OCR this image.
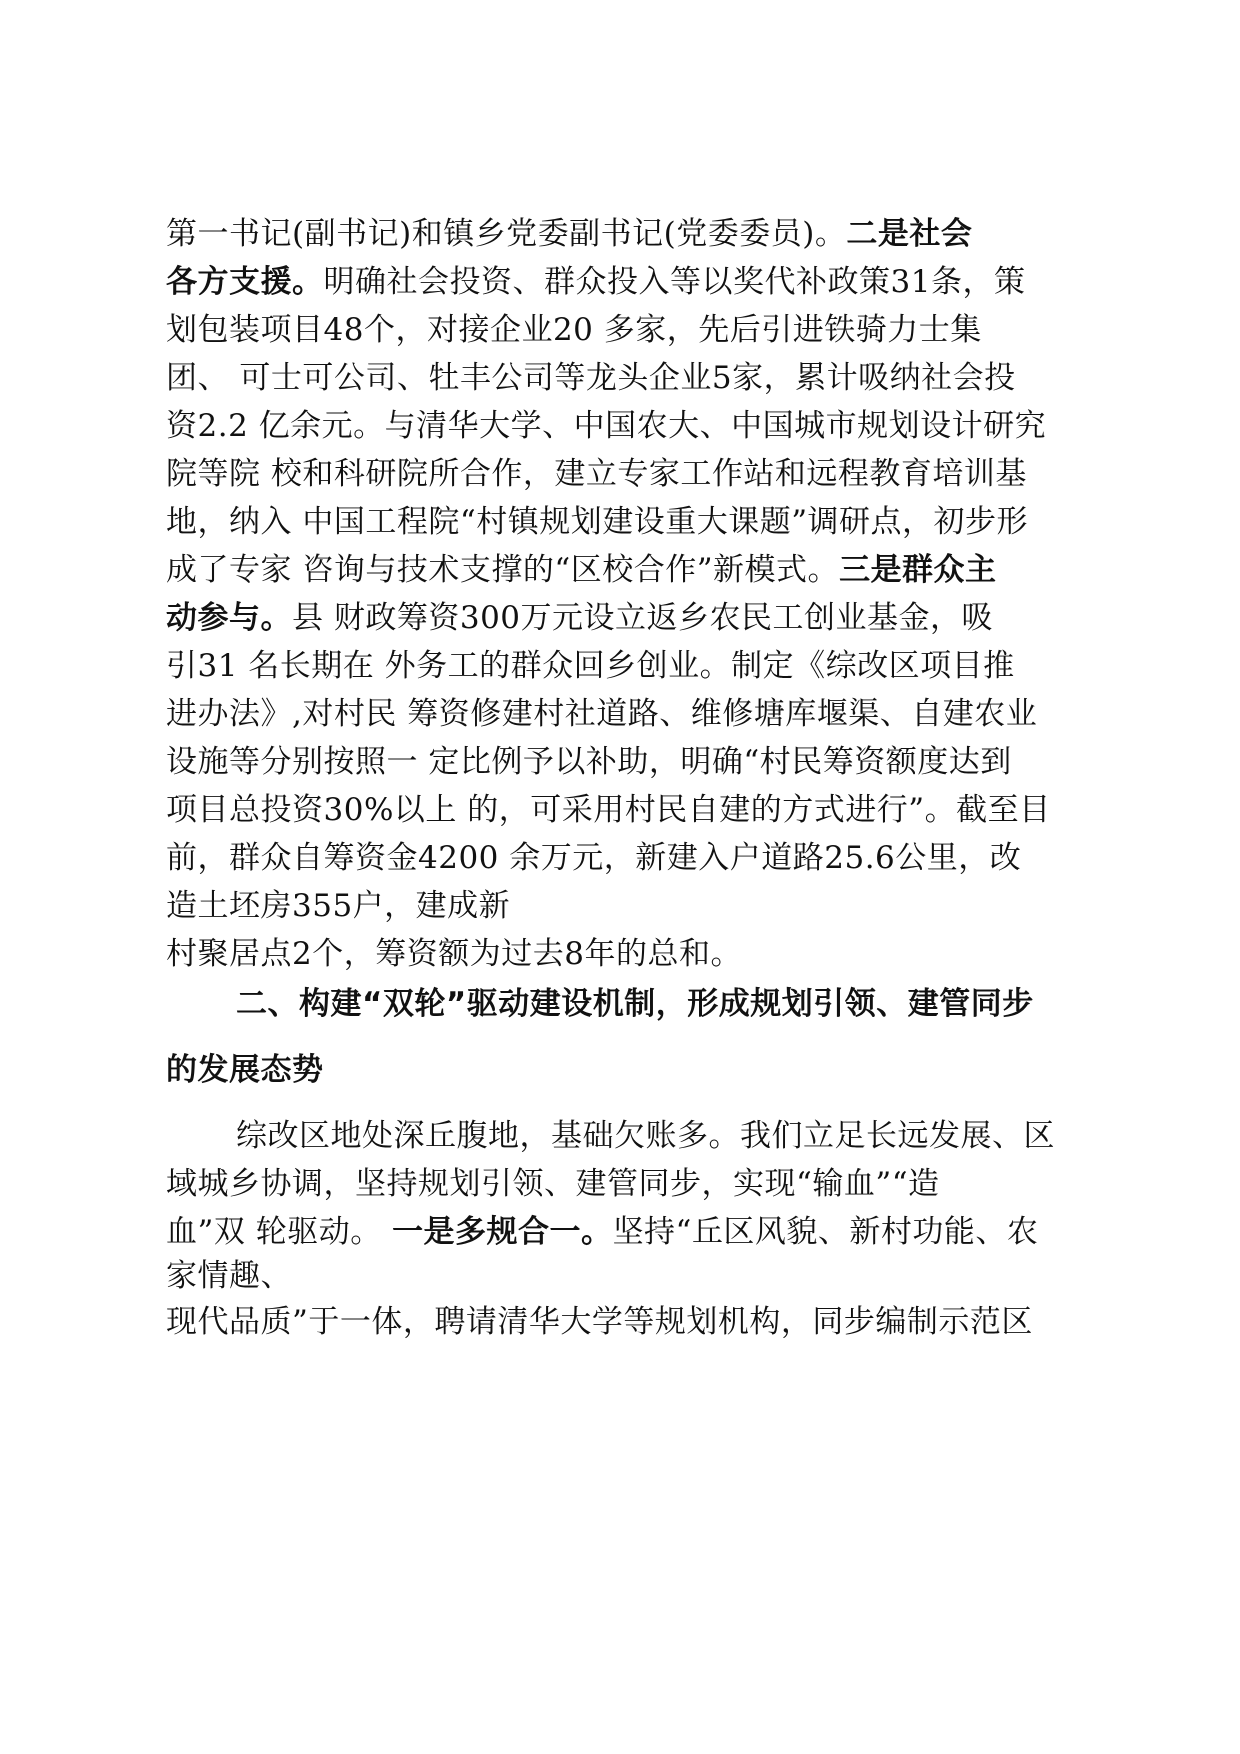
第一书记(副书记)和镇乡党委副书记(党委委员)。二是社会
各方支援。明确社会投资、群众投入等以奖代补政策31条，策
划包装项目48个，对接企业20 多家，先后引进铁骑力士集
团、 可士可公司、牡丰公司等龙头企业5家，累计吸纳社会投
资2.2 亿余元。与清华大学、中国农大、中国城市规划设计研究
院等院 校和科研院所合作，建立专家工作站和远程教育培训基
地，纳入 中国工程院“村镇规划建设重大课题”调研点，初步形
成了专家 咨询与技术支撑的“区校合作”新模式。三是群众主
动参与。县 财政筹资300万元设立返乡农民工创业基金，吸
引31 名长期在 外务工的群众回乡创业。制定《综改区项目推
进办法》,对村民 筹资修建村社道路、维修塘库堰渠、自建农业
设施等分别按照一 定比例予以补助，明确“村民筹资额度达到
项目总投资30%以上 的，可采用村民自建的方式进行”。截至目
前，群众自筹资金4200 余万元，新建入户道路25.6公里，改
造土坯房355户，建成新
村聚居点2个，筹资额为过去8年的总和。
二、构建“双轮”驱动建设机制，形成规划引领、建管同步
的发展态势
综改区地处深丘腹地，基础欠账多。我们立足长远发展、区
域城乡协调，坚持规划引领、建管同步，实现“输血”“造
血”双 轮驱动。 一是多规合一。坚持“丘区风貌、新村功能、农
家情趣、
现代品质”于一体，聘请清华大学等规划机构，同步编制示范区
